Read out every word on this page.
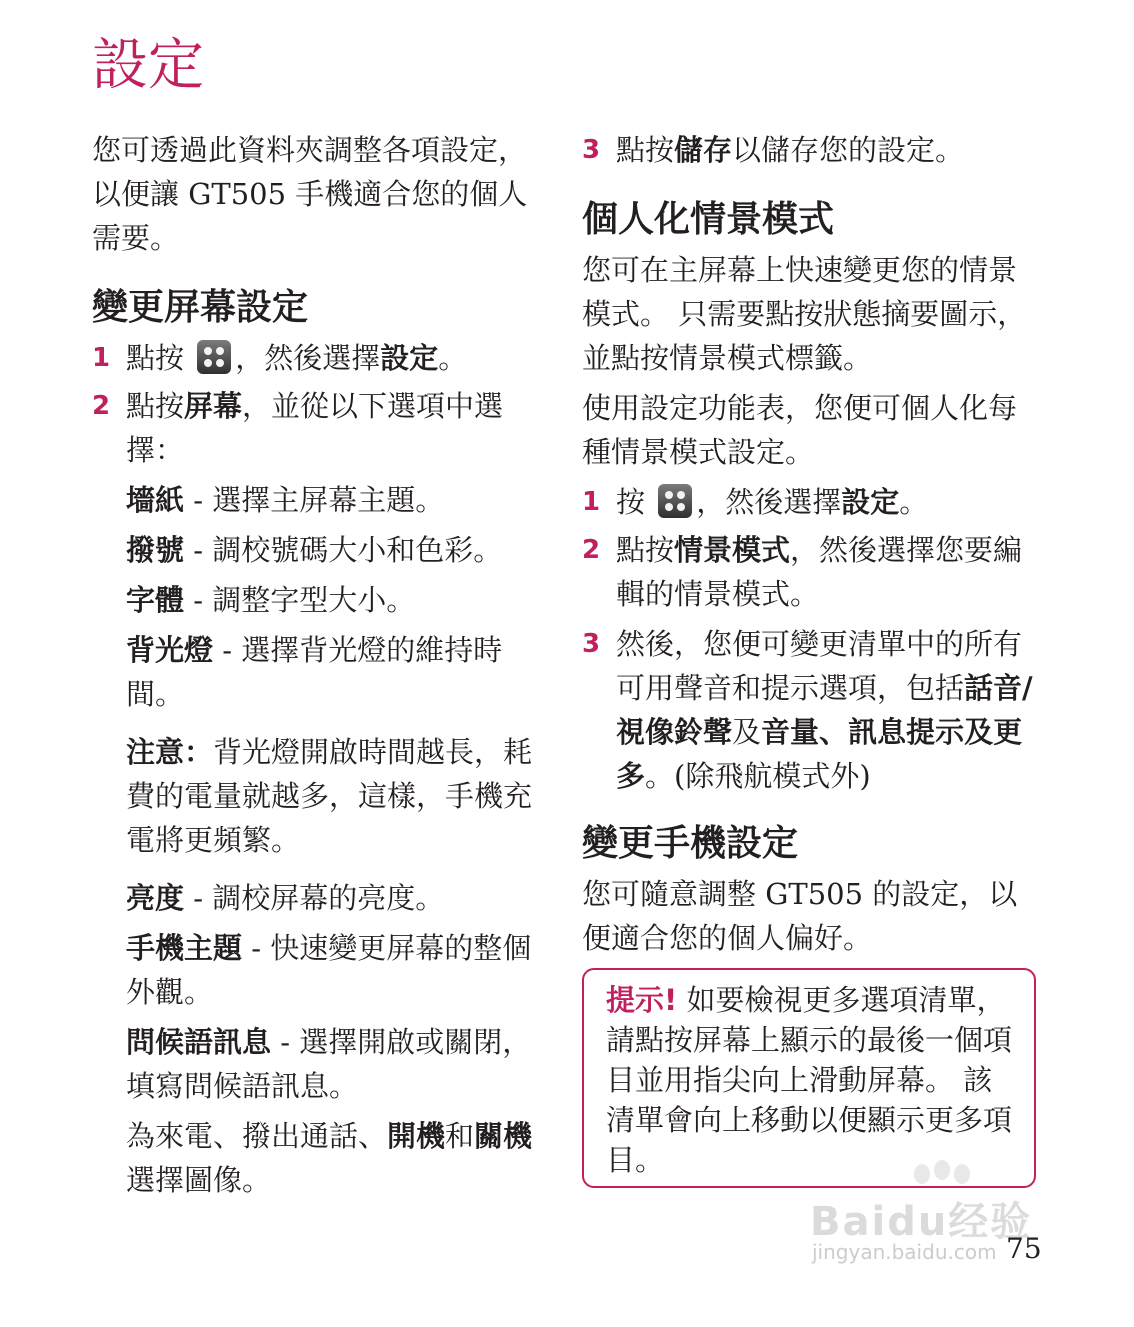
設定

您可透過此資料夾調整各項設定，以便讓 GT505 手機適合您的個人需要。

變更屏幕設定
1 點按 ，然後選擇設定。
2 點按屏幕，並從以下選項中選擇：

墻紙 - 選擇主屏幕主題。

撥號 - 調校號碼大小和色彩。

字體 - 調整字型大小。

背光燈 - 選擇背光燈的維持時間。

注意：背光燈開啟時間越長，耗費的電量就越多，這樣，手機充電將更頻繁。

亮度 - 調校屏幕的亮度。

手機主題 - 快速變更屏幕的整個外觀。

問候語訊息 - 選擇開啟或關閉，填寫問候語訊息。

為來電、撥出通話、開機和關機選擇圖像。

3 點按儲存以儲存您的設定。
個人化情景模式

您可在主屏幕上快速變更您的情景模式。 只需要點按狀態摘要圖示，並點按情景模式標籤。

使用設定功能表，您便可個人化每種情景模式設定。

1 按 ，然後選擇設定。
2 點按情景模式，然後選擇您要編輯的情景模式。
3 然後，您便可變更清單中的所有可用聲音和提示選項，包括話音/視像鈴聲及音量、訊息提示及更多。(除飛航模式外)
變更手機設定

您可隨意調整 GT505 的設定，以便適合您的個人偏好。

提示! 如要檢視更多選項清單，請點按屏幕上顯示的最後一個項目並用指尖向上滑動屏幕。 該清單會向上移動以便顯示更多項目。
Baidu经验
jingyan.baidu.com 75
